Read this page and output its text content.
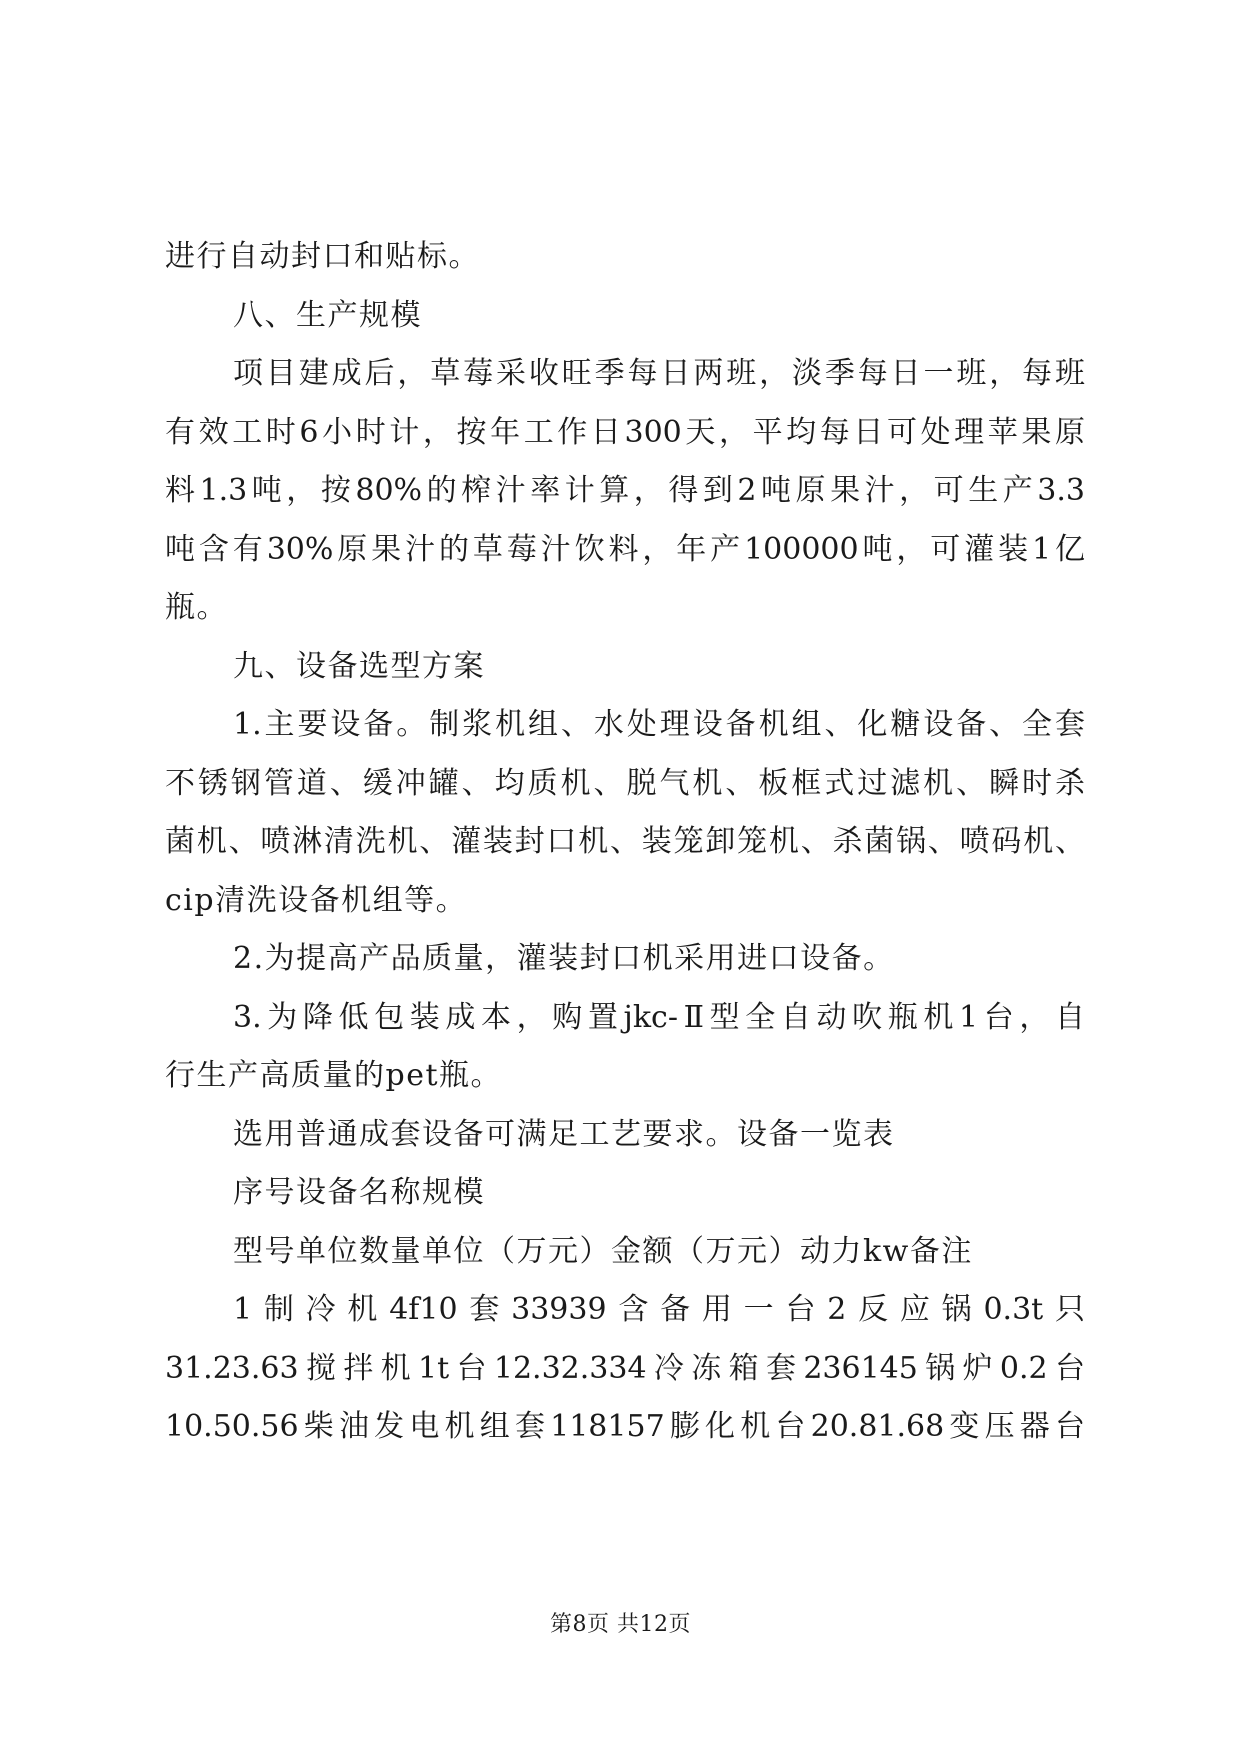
进行自动封口和贴标。
八、生产规模
项目建成后，草莓采收旺季每日两班，淡季每日一班，每班
有效工时6小时计，按年工作日300天，平均每日可处理苹果原
料1.3吨，按80%的榨汁率计算，得到2吨原果汁，可生产3.3
吨含有30%原果汁的草莓汁饮料，年产100000吨，可灌装1亿
瓶。
九、设备选型方案
1.主要设备。制浆机组、水处理设备机组、化糖设备、全套
不锈钢管道、缓冲罐、均质机、脱气机、板框式过滤机、瞬时杀
菌机、喷淋清洗机、灌装封口机、装笼卸笼机、杀菌锅、喷码机、
cip清洗设备机组等。
2.为提高产品质量，灌装封口机采用进口设备。
3.为降低包装成本，购置jkc-Ⅱ型全自动吹瓶机1台，自
行生产高质量的pet瓶。
选用普通成套设备可满足工艺要求。设备一览表
序号设备名称规模
型号单位数量单位（万元）金额（万元）动力kw备注
1制冷机4f10套33939含备用一台2反应锅0.3t只
31.23.63搅拌机1t台12.32.334冷冻箱套236145锅炉0.2台
10.50.56柴油发电机组套118157膨化机台20.81.68变压器台
第8页 共12页
